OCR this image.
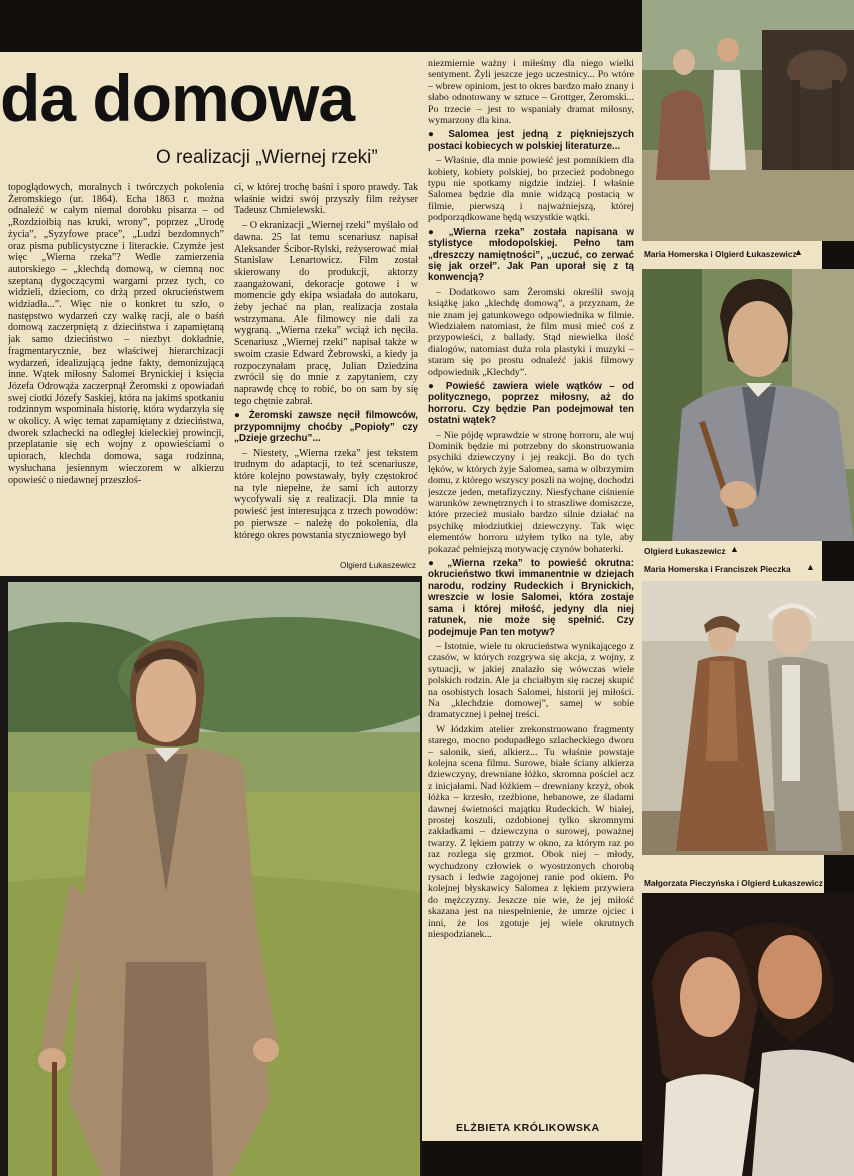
da domowa
O realizacji „Wiernej rzeki”

topoglądowych, moralnych i twórczych pokolenia Żeromskiego (ur. 1864). Echa 1863 r. można odnaleźć w całym niemal dorobku pisarza – od „Rozdzioibią nas kruki, wrony”, poprzez „Urodę życia”, „Syzyfowe prace”, „Ludzi bezdomnych” oraz pisma publicystyczne i literackie. Czymże jest więc „Wierna rzeka”? Wedle zamierzenia autorskiego – „klechdą domową, w ciemną noc szeptaną dygoczącymi wargami przez tych, co widzieli, dzieciom, co drżą przed okrucieństwem widziadła...”. Więc nie o konkret tu szło, o następstwo wydarzeń czy walkę racji, ale o baśń domową zaczerpniętą z dzieciństwa i zapamiętaną jak samo dzieciństwo – niezbyt dokładnie, fragmentarycznie, bez właściwej hierarchizacji wydarzeń, idealizującą jedne fakty, demonizującą inne. Wątek miłosny Salomei Brynickiej i księcia Józefa Odrowąża zaczerpnął Żeromski z opowiadań swej ciotki Józefy Saskiej, która na jakimś spotkaniu rodzinnym wspominała historię, która wydarzyła się w okolicy. A więc temat zapamiętany z dzieciństwa, dworek szlachecki na odległej kieleckiej prowincji, przeplatanie się ech wojny z opowieściami o upiorach, klechda domowa, saga rodzinna, wysłuchana jesiennym wieczorem w alkierzu opowieść o niedawnej przeszłoś-

ci, w której trochę baśni i sporo prawdy. Tak właśnie widzi swój przyszły film reżyser Tadeusz Chmielewski.

– O ekranizacji „Wiernej rzeki” myślało od dawna. 25 lat temu scenariusz napisał Aleksander Ścibor-Rylski, reżyserować miał Stanisław Lenartowicz. Film został skierowany do produkcji, aktorzy zaangażowani, dekoracje gotowe i w momencie gdy ekipa wsiadała do autokaru, żeby jechać na plan, realizacja została wstrzymana. Ale filmowcy nie dali za wygraną. „Wierna rzeka” wciąż ich nęciła. Scenariusz „Wiernej rzeki” napisał także w swoim czasie Edward Żebrowski, a kiedy ja rozpoczynałam pracę, Julian Dziedzina zwrócił się do mnie z zapytaniem, czy naprawdę chcę to robić, bo on sam by się tego chętnie zabrał.

● Żeromski zawsze nęcił filmowców, przypomnijmy choćby „Popioły” czy „Dzieje grzechu”...

– Niestety, „Wierna rzeka” jest tekstem trudnym do adaptacji, to też scenariusze, które kolejno powstawały, były częstokroć na tyle niepełne, że sami ich autorzy wycofywali się z realizacji. Dla mnie ta powieść jest interesująca z trzech powodów: po pierwsze – należę do pokolenia, dla którego okres powstania styczniowego był

Olgierd Łukaszewicz

niezmiernie ważny i miłeśmy dla niego wielki sentyment. Żyli jeszcze jego uczestnicy... Po wtóre – wbrew opiniom, jest to okres bardzo mało znany i słabo odnotowany w sztuce – Grottger, Żeromski... Po trzecie – jest to wspaniały dramat miłosny, wymarzony dla kina.

● Salomea jest jedną z piękniejszych postaci kobiecych w polskiej literaturze...

– Właśnie, dla mnie powieść jest pomnikiem dla kobiety, kobiety polskiej, bo przecież podobnego typu nie spotkamy nigdzie indziej. I właśnie Salomea będzie dla mnie widzącą postacią w filmie, pierwszą i najważniejszą, której podporządkowane będą wszystkie wątki.

● „Wierna rzeka” została napisana w stylistyce młodopolskiej. Pełno tam „dreszczy namiętności”, „uczuć, co zerwać się jak orzeł”. Jak Pan uporał się z tą konwencją?

– Dodatkowo sam Żeromski określił swoją książkę jako „klechdę domową”, a przyznam, że nie znam jej gatunkowego odpowiednika w filmie. Wiedziałem natomiast, że film musi mieć coś z przypowieści, z ballady. Stąd niewielka ilość dialogów, natomiast duża rola plastyki i muzyki – staram się po prostu odnaleźć jakiś filmowy odpowiednik „Klechdy”.

● Powieść zawiera wiele wątków – od politycznego, poprzez miłosny, aż do horroru. Czy będzie Pan podejmował ten ostatni wątek?

– Nie pójdę wprawdzie w stronę horroru, ale wuj Dominik będzie mi potrzebny do skonstruowania psychiki dziewczyny i jej reakcji. Bo do tych lęków, w których żyje Salomea, sama w olbrzymim domu, z którego wszyscy poszli na wojnę, dochodzi jeszcze jeden, metafizyczny. Niesfychane ciśnienie warunków zewnętrznych i to straszliwe domiszcze, które przecież musiało bardzo silnie działać na psychikę młodziutkiej dziewczyny. Tak więc elementów horroru użyłem tylko na tyle, aby pokazać pełniejszą motywację czynów bohaterki.

● „Wierna rzeka” to powieść okrutna: okrucieństwo tkwi immanentnie w dziejach narodu, rodziny Rudeckich i Brynickich, wreszcie w losie Salomei, która zostaje sama i której miłość, jedyny dla niej ratunek, nie może się spełnić. Czy podejmuje Pan ten motyw?

– Istotnie, wiele tu okrucieństwa wynikającego z czasów, w których rozgrywa się akcja, z wojny, z sytuacji, w jakiej znalazło się wówczas wiele polskich rodzin. Ale ja chciałbym się raczej skupić na osobistych losach Salomei, historii jej miłości. Na „klechdzie domowej”, samej w sobie dramatycznej i pełnej treści.

W łódzkim atelier zrekonstruowano fragmenty starego, mocno podupadłego szlacheckiego dworu – salonik, sień, alkierz... Tu właśnie powstaje kolejna scena filmu. Surowe, białe ściany alkierza dziewczyny, drewniane łóżko, skromna pościel acz z inicjałami. Nad łóżkiem – drewniany krzyż, obok łóżka – krzesło, rzeźbione, hebanowe, ze śladami dawnej świetności majątku Rudeckich. W białej, prostej koszuli, ozdobionej tylko skromnymi zakładkami – dziewczyna o surowej, poważnej twarzy. Z lękiem patrzy w okno, za którym raz po raz rozlega się grzmot. Obok niej – młody, wychudzony człowiek o wyostrzonych chorobą rysach i ledwie zagojonej ranie pod okiem. Po kolejnej błyskawicy Salomea z lękiem przywiera do mężczyzny. Jeszcze nie wie, że jej miłość skazana jest na niespełnienie, że umrze ojciec i inni, że los zgotuje jej wiele okrutnych niespodzianek...

ELŻBIETA KRÓLIKOWSKA
Maria Homerska i Olgierd Łukaszewicz
▲
Olgierd Łukaszewicz ▲
Maria Homerska i Franciszek Pieczka ▲
Małgorzata Pieczyńska i Olgierd Łukaszewicz
